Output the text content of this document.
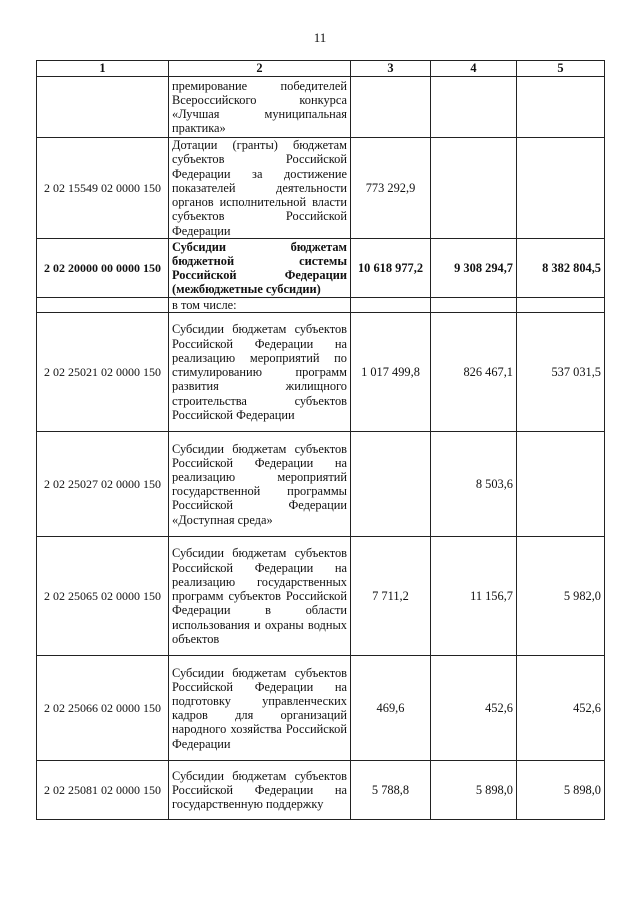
11
1	2	3	4	5
	премирование победителей Всероссийского конкурса «Лучшая муниципальная практика»			
2 02 15549 02 0000 150	Дотации (гранты) бюджетам субъектов Российской Федерации за достижение показателей деятельности органов исполнительной власти субъектов Российской Федерации	773 292,9		
2 02 20000 00 0000 150	Субсидии бюджетам бюджетной системы Российской Федерации (межбюджетные субсидии)	10 618 977,2	9 308 294,7	8 382 804,5
	в том числе:			
2 02 25021 02 0000 150	Субсидии бюджетам субъектов Российской Федерации на реализацию мероприятий по стимулированию программ развития жилищного строительства субъектов Российской Федерации	1 017 499,8	826 467,1	537 031,5
2 02 25027 02 0000 150	Субсидии бюджетам субъектов Российской Федерации на реализацию мероприятий государственной программы Российской Федерации «Доступная среда»		8 503,6	
2 02 25065 02 0000 150	Субсидии бюджетам субъектов Российской Федерации на реализацию государственных программ субъектов Российской Федерации в области использования и охраны водных объектов	7 711,2	11 156,7	5 982,0
2 02 25066 02 0000 150	Субсидии бюджетам субъектов Российской Федерации на подготовку управленческих кадров для организаций народного хозяйства Российской Федерации	469,6	452,6	452,6
2 02 25081 02 0000 150	Субсидии бюджетам субъектов Российской Федерации на государственную поддержку	5 788,8	5 898,0	5 898,0
